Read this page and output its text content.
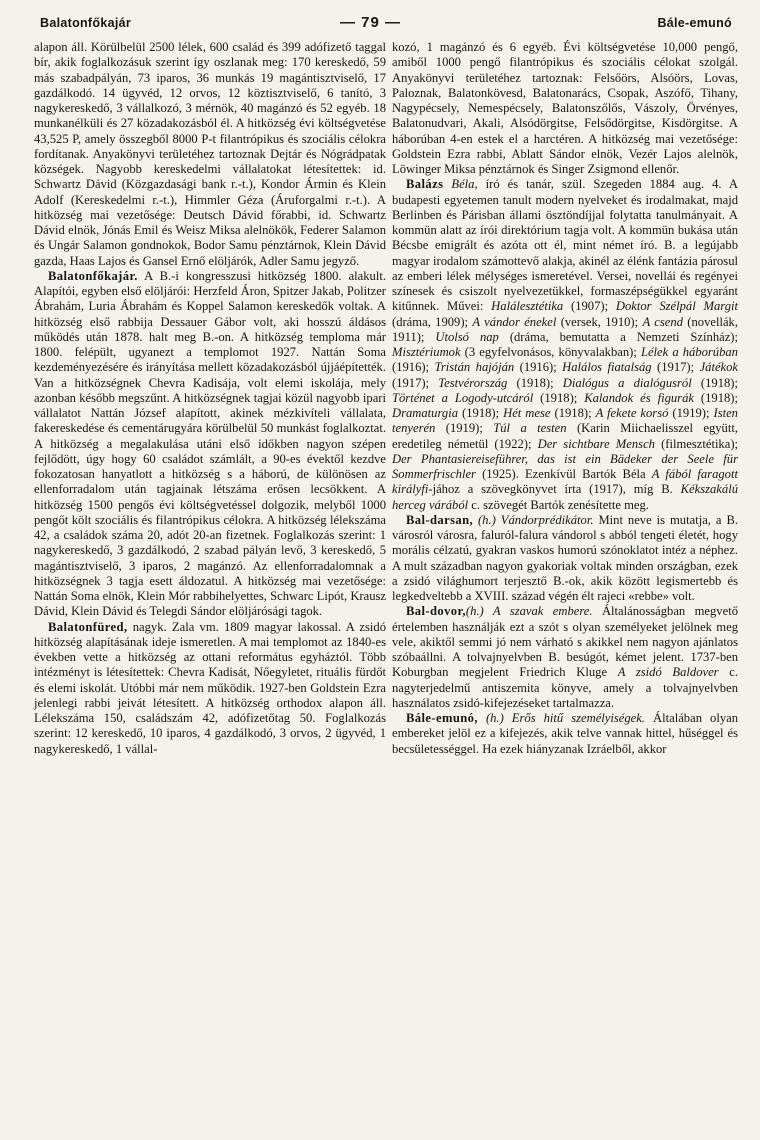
Balatonfőkajár	— 79 —	Bále-emunó

alapon áll. Körülbelül 2500 lélek, 600 család és 399 adófizető taggal bír, akik foglalkozásuk szerint így oszlanak meg: 170 kereskedő, 59 más szabadpályán, 73 iparos, 36 munkás 19 magántisztviselő, 17 gazdálkodó. 14 ügyvéd, 12 orvos, 12 köztisztviselő, 6 tanító, 3 nagykereskedő, 3 vállalkozó, 3 mérnök, 40 magánzó és 52 egyéb. 18 munkanélküli és 27 közadakozásból él. A hitközség évi költségvetése 43,525 P, amely összegből 8000 P-t filantrópikus és szociális célokra fordítanak. Anyakönyvi területéhez tartoznak Dejtár és Nógrádpatak községek. Nagyobb kereskedelmi vállalatokat létesítettek: id. Schwartz Dávid (Közgazdasági bank r.-t.), Kondor Ármin és Klein Adolf (Kereskedelmi r.-t.), Himmler Géza (Áruforgalmi r.-t.). A hitközség mai vezetősége: Deutsch Dávid főrabbi, id. Schwartz Dávid elnök, Jónás Emil és Weisz Miksa alelnökök, Federer Salamon és Ungár Salamon gondnokok, Bodor Samu pénztárnok, Klein Dávid gazda, Haas Lajos és Gansel Ernő elöljárók, Adler Samu jegyző.

Balatonfőkajár. A B.-i kongresszusi hitközség 1800. alakult. Alapítói, egyben első elöljárói: Herzfeld Áron, Spitzer Jakab, Politzer Ábrahám, Luria Ábrahám és Koppel Salamon kereskedők voltak. A hitközség első rabbija Dessauer Gábor volt, aki hosszú áldásos működés után 1878. halt meg B.-on. A hitközség temploma már 1800. felépült, ugyanezt a templomot 1927. Nattán Soma kezdeményezésére és irányítása mellett közadakozásból újjáépítették. Van a hitközségnek Chevra Kadisája, volt elemi iskolája, mely azonban később megszűnt. A hitközségnek tagjai közül nagyobb ipari vállalatot Nattán József alapított, akinek mézkivíteli vállalata, fakereskedése és cementárugyára körülbelül 50 munkást foglalkoztat. A hitközség a megalakulása utáni első időkben nagyon szépen fejlődött, úgy hogy 60 családot számlált, a 90-es évektől kezdve fokozatosan hanyatlott a hitközség s a háború, de különösen az ellenforradalom után tagjainak létszáma erősen lecsökkent. A hitközség 1500 pengős évi költségvetéssel dolgozik, melyből 1000 pengőt költ szociális és filantrópikus célokra. A hitközség lélekszáma 42, a családok száma 20, adót 20-an fizetnek. Foglalkozás szerint: 1 nagykereskedő, 3 gazdálkodó, 2 szabad pályán levő, 3 kereskedő, 5 magántisztviselő, 3 iparos, 2 magánzó. Az ellenforradalomnak a hitközségnek 3 tagja esett áldozatul. A hitközség mai vezetősége: Nattán Soma elnök, Klein Mór rabbihelyettes, Schwarc Lipót, Krausz Dávid, Klein Dávid és Telegdi Sándor elöljárósági tagok.

Balatonfüred, nagyk. Zala vm. 1809 magyar lakossal. A zsidó hitközség alapításának ideje ismeretlen. A mai templomot az 1840-es években vette a hitközség az ottani református egyháztól. Több intézményt is létesítettek: Chevra Kadisát, Nőegyletet, rituális fürdőt és elemi iskolát. Utóbbi már nem működik. 1927-ben Goldstein Ezra jelenlegi rabbi jeivát létesített. A hitközség orthodox alapon áll. Lélekszáma 150, családszám 42, adófizetőtag 50. Foglalkozás szerint: 12 kereskedő, 10 iparos, 4 gazdálkodó, 3 orvos, 2 ügyvéd, 1 nagykereskedő, 1 vállal-

kozó, 1 magánzó és 6 egyéb. Évi költségvetése 10,000 pengő, amiből 1000 pengő filantrópikus és szociális célokat szolgál. Anyakönyvi területéhez tartoznak: Felsőörs, Alsóörs, Lovas, Paloznak, Balatonkövesd, Balatonarács, Csopak, Aszófő, Tihany, Nagypécsely, Nemespécsely, Balatonszőlős, Vászoly, Örvényes, Balatonudvari, Akali, Alsódörgitse, Felsődörgitse, Kisdörgitse. A háborúban 4-en estek el a harctéren. A hitközség mai vezetősége: Goldstein Ezra rabbi, Ablatt Sándor elnök, Vezér Lajos alelnök, Löwinger Miksa pénztárnok és Singer Zsigmond ellenőr.

Balázs Béla, író és tanár, szül. Szegeden 1884 aug. 4. A budapesti egyetemen tanult modern nyelveket és irodalmakat, majd Berlinben és Párisban állami ösztöndíjjal folytatta tanulmányait. A kommün alatt az írói direktórium tagja volt. A kommün bukása után Bécsbe emigrált és azóta ott él, mint német író. B. a legújabb magyar irodalom számottevő alakja, akinél az élénk fantázia párosul az emberi lélek mélységes ismeretével. Versei, novellái és regényei színesek és csiszolt nyelvezetükkel, formaszépségükkel egyaránt kitűnnek. Művei: Halálesztétika (1907); Doktor Szélpál Margit (dráma, 1909); A vándor énekel (versek, 1910); A csend (novellák, 1911); Utolsó nap (dráma, bemutatta a Nemzeti Színház); Misztériumok (3 egyfelvonásos, könyvalakban); Lélek a háborúban (1916); Tristán hajóján (1916); Halálos fiatalság (1917); Játékok (1917); Testvérország (1918); Dialógus a dialógusról (1918); Történet a Logody-utcáról (1918); Kalandok és figurák (1918); Dramaturgia (1918); Hét mese (1918); A fekete korsó (1919); Isten tenyerén (1919); Túl a testen (Karin Miichaelisszel együtt, eredetileg németül (1922); Der sichtbare Mensch (filmesztétika); Der Phantasiereiseführer, das ist ein Bädeker der Seele für Sommerfrischler (1925). Ezenkívül Bartók Béla A fából faragott királyfi-jához a szövegkönyvet írta (1917), míg B. Kékszakálú herceg várából c. szövegét Bartók zenésítette meg.

Bal-darsan, (h.) Vándorprédikátor. Mint neve is mutatja, a B. városról városra, faluról-falura vándorol s abból tengeti életét, hogy morális célzatú, gyakran vaskos humorú szónoklatot intéz a néphez. A mult században nagyon gyakoriak voltak minden országban, ezek a zsidó világhumort terjesztő B.-ok, akik között legismertebb és legkedveltebb a XVIII. század végén élt rajeci «rebbe» volt.

Bal-dovor,(h.) A szavak embere. Általánosságban megvető értelemben használják ezt a szót s olyan személyeket jelölnek meg vele, akiktől semmi jó nem várható s akikkel nem nagyon ajánlatos szóbaállni. A tolvajnyelvben B. besúgót, kémet jelent. 1737-ben Koburgban megjelent Friedrich Kluge A zsidó Baldover c. nagyterjedelmű antiszemita könyve, amely a tolvajnyelvben használatos zsidó-kifejezéseket tartalmazza.

Bále-emunó, (h.) Erős hitű személyiségek. Általában olyan embereket jelöl ez a kifejezés, akik telve vannak hittel, hűséggel és becsületességgel. Ha ezek hiányzanak Izráelből, akkor
